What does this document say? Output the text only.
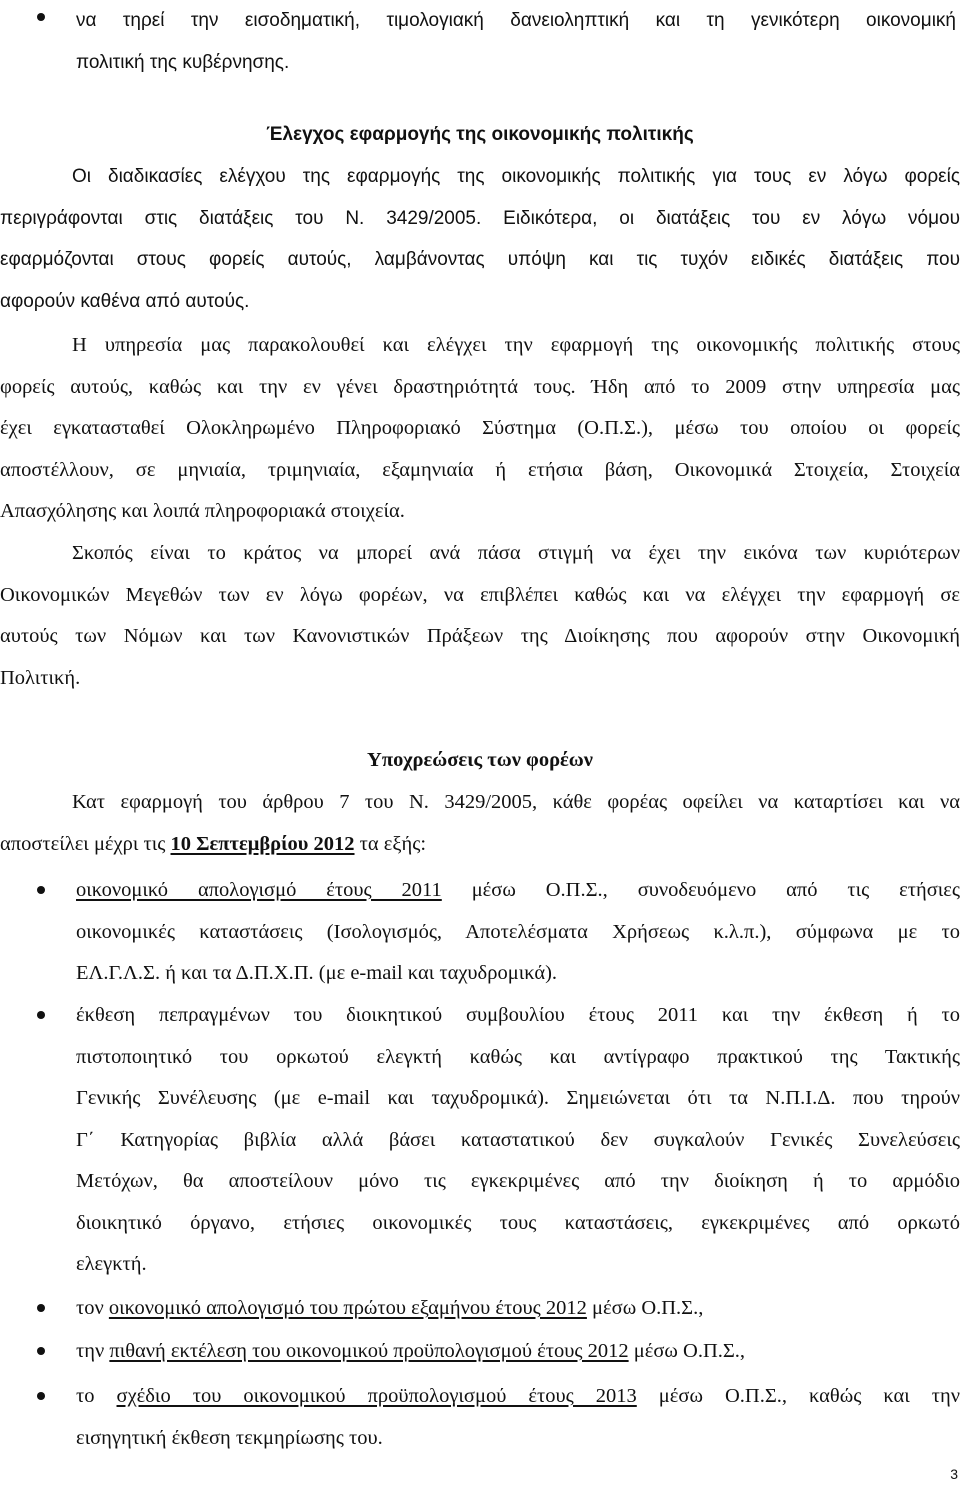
να τηρεί την εισοδηματική, τιμολογιακή δανειοληπτική και τη γενικότερη οικονομική
πολιτική της κυβέρνησης.
Έλεγχος εφαρμογής της οικονομικής πολιτικής
Οι διαδικασίες ελέγχου της εφαρμογής της οικονομικής πολιτικής για τους εν λόγω φορείς
περιγράφονται στις διατάξεις του Ν. 3429/2005. Ειδικότερα, οι διατάξεις του εν λόγω νόμου
εφαρμόζονται στους φορείς αυτούς, λαμβάνοντας υπόψη και τις τυχόν ειδικές διατάξεις που
αφορούν καθένα από αυτούς.
Η υπηρεσία μας παρακολουθεί και ελέγχει την εφαρμογή της οικονομικής πολιτικής στους
φορείς αυτούς, καθώς και την εν γένει δραστηριότητά τους. Ήδη από το 2009 στην υπηρεσία μας
έχει εγκατασταθεί Ολοκληρωμένο Πληροφοριακό Σύστημα (Ο.Π.Σ.), μέσω του οποίου οι φορείς
αποστέλλουν, σε μηνιαία, τριμηνιαία, εξαμηνιαία ή ετήσια βάση, Οικονομικά Στοιχεία, Στοιχεία
Απασχόλησης και λοιπά πληροφοριακά στοιχεία.
Σκοπός είναι το κράτος να μπορεί ανά πάσα στιγμή να έχει την εικόνα των κυριότερων
Οικονομικών Μεγεθών των εν λόγω φορέων, να επιβλέπει καθώς και να ελέγχει την εφαρμογή σε
αυτούς των Νόμων και των Κανονιστικών Πράξεων της Διοίκησης που αφορούν στην Οικονομική
Πολιτική.
Υποχρεώσεις των φορέων
Κατ εφαρμογή του άρθρου 7 του Ν. 3429/2005, κάθε φορέας οφείλει να καταρτίσει και να
αποστείλει μέχρι τις 10 Σεπτεμβρίου 2012 τα εξής:
οικονομικό απολογισμό έτους 2011 μέσω Ο.Π.Σ., συνοδευόμενο από τις ετήσιες
οικονομικές καταστάσεις (Ισολογισμός, Αποτελέσματα Χρήσεως κ.λ.π.), σύμφωνα με το
ΕΛ.Γ.Λ.Σ. ή και τα Δ.Π.Χ.Π. (με e-mail και ταχυδρομικά).
έκθεση πεπραγμένων του διοικητικού συμβουλίου έτους 2011 και την έκθεση ή το
πιστοποιητικό του ορκωτού ελεγκτή καθώς και αντίγραφο πρακτικού της Τακτικής
Γενικής Συνέλευσης (με e-mail και ταχυδρομικά). Σημειώνεται ότι τα Ν.Π.Ι.Δ. που τηρούν
Γ΄ Κατηγορίας βιβλία αλλά βάσει καταστατικού δεν συγκαλούν Γενικές Συνελεύσεις
Μετόχων, θα αποστείλουν μόνο τις εγκεκριμένες από την διοίκηση ή το αρμόδιο
διοικητικό όργανο, ετήσιες οικονομικές τους καταστάσεις, εγκεκριμένες από ορκωτό
ελεγκτή.
τον οικονομικό απολογισμό του πρώτου εξαμήνου έτους 2012 μέσω Ο.Π.Σ.,
την πιθανή εκτέλεση του οικονομικού προϋπολογισμού έτους 2012 μέσω Ο.Π.Σ.,
το σχέδιο του οικονομικού προϋπολογισμού έτους 2013 μέσω Ο.Π.Σ., καθώς και την
εισηγητική έκθεση τεκμηρίωσης του.
3
